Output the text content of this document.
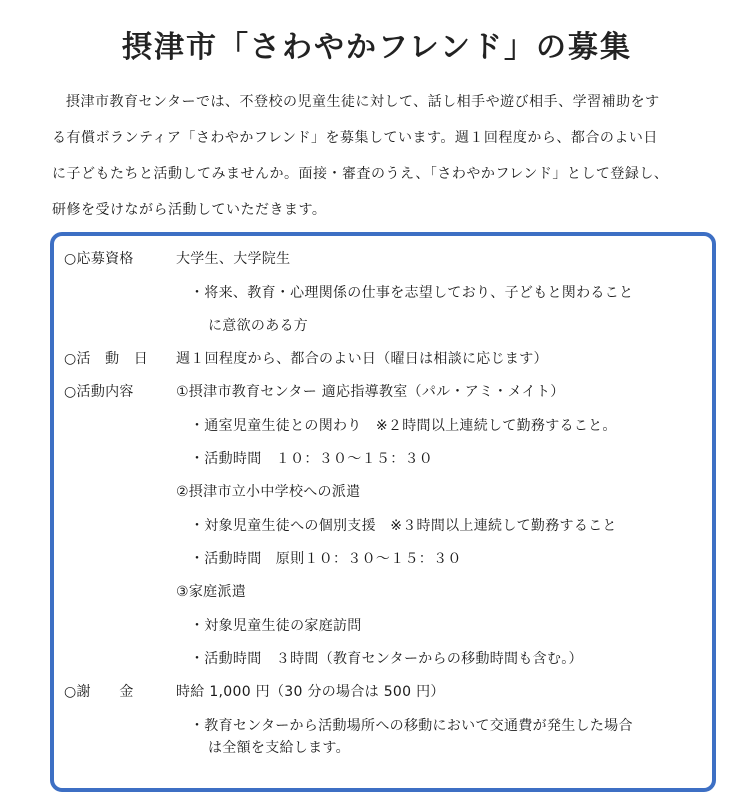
摂津市「さわやかフレンド」の募集
摂津市教育センターでは、不登校の児童生徒に対して、話し相手や遊び相手、学習補助をす
る有償ボランティア「さわやかフレンド」を募集しています。週１回程度から、都合のよい日
に子どもたちと活動してみませんか。面接・審査のうえ、「さわやかフレンド」として登録し、
研修を受けながら活動していただきます。
○応募資格	大学生、大学院生
・将来、教育・心理関係の仕事を志望しており、子どもと関わること
に意欲のある方
○活　動　日 週１回程度から、都合のよい日（曜日は相談に応じます）
○活動内容	①摂津市教育センター 適応指導教室（パル・アミ・メイト）
・通室児童生徒との関わり　※２時間以上連続して勤務すること。
・活動時間　１０：３０～１５：３０
②摂津市立小中学校への派遣
・対象児童生徒への個別支援　※３時間以上連続して勤務すること
・活動時間　原則１０：３０～１５：３０
③家庭派遣
・対象児童生徒の家庭訪問
・活動時間　３時間（教育センターからの移動時間も含む。）
○謝　　金	時給 1,000 円（30 分の場合は 500 円）
・教育センターから活動場所への移動において交通費が発生した場合
は全額を支給します。
